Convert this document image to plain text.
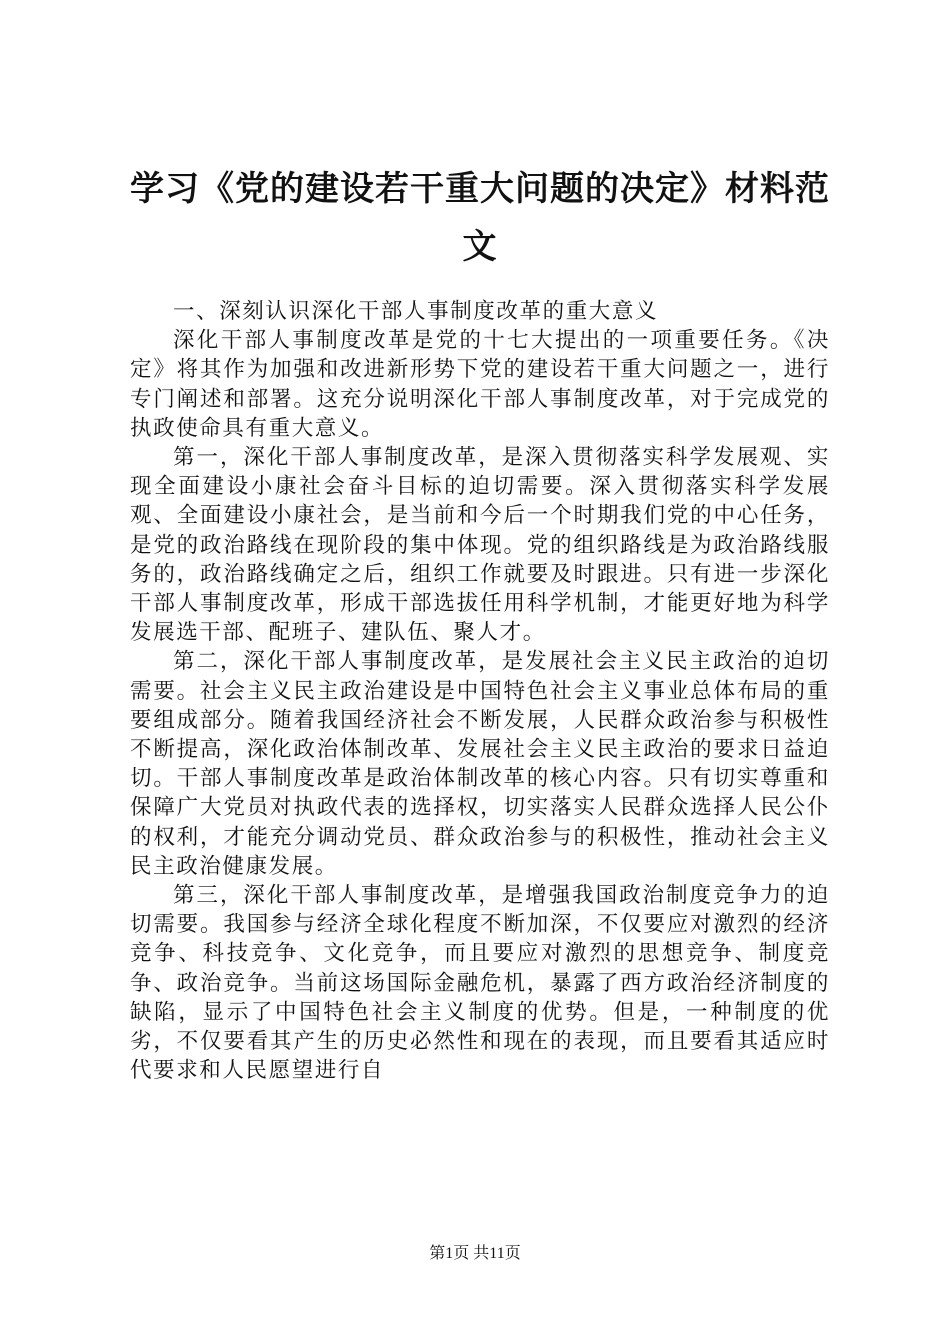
学习《党的建设若干重大问题的决定》材料范文

一、深刻认识深化干部人事制度改革的重大意义

深化干部人事制度改革是党的十七大提出的一项重要任务。《决定》将其作为加强和改进新形势下党的建设若干重大问题之一，进行专门阐述和部署。这充分说明深化干部人事制度改革，对于完成党的执政使命具有重大意义。

第一，深化干部人事制度改革，是深入贯彻落实科学发展观、实现全面建设小康社会奋斗目标的迫切需要。深入贯彻落实科学发展观、全面建设小康社会，是当前和今后一个时期我们党的中心任务，是党的政治路线在现阶段的集中体现。党的组织路线是为政治路线服务的，政治路线确定之后，组织工作就要及时跟进。只有进一步深化干部人事制度改革，形成干部选拔任用科学机制，才能更好地为科学发展选干部、配班子、建队伍、聚人才。

第二，深化干部人事制度改革，是发展社会主义民主政治的迫切需要。社会主义民主政治建设是中国特色社会主义事业总体布局的重要组成部分。随着我国经济社会不断发展，人民群众政治参与积极性不断提高，深化政治体制改革、发展社会主义民主政治的要求日益迫切。干部人事制度改革是政治体制改革的核心内容。只有切实尊重和保障广大党员对执政代表的选择权，切实落实人民群众选择人民公仆的权利，才能充分调动党员、群众政治参与的积极性，推动社会主义民主政治健康发展。

第三，深化干部人事制度改革，是增强我国政治制度竞争力的迫切需要。我国参与经济全球化程度不断加深，不仅要应对激烈的经济竞争、科技竞争、文化竞争，而且要应对激烈的思想竞争、制度竞争、政治竞争。当前这场国际金融危机，暴露了西方政治经济制度的缺陷，显示了中国特色社会主义制度的优势。但是，一种制度的优劣，不仅要看其产生的历史必然性和现在的表现，而且要看其适应时代要求和人民愿望进行自

第1页 共11页
